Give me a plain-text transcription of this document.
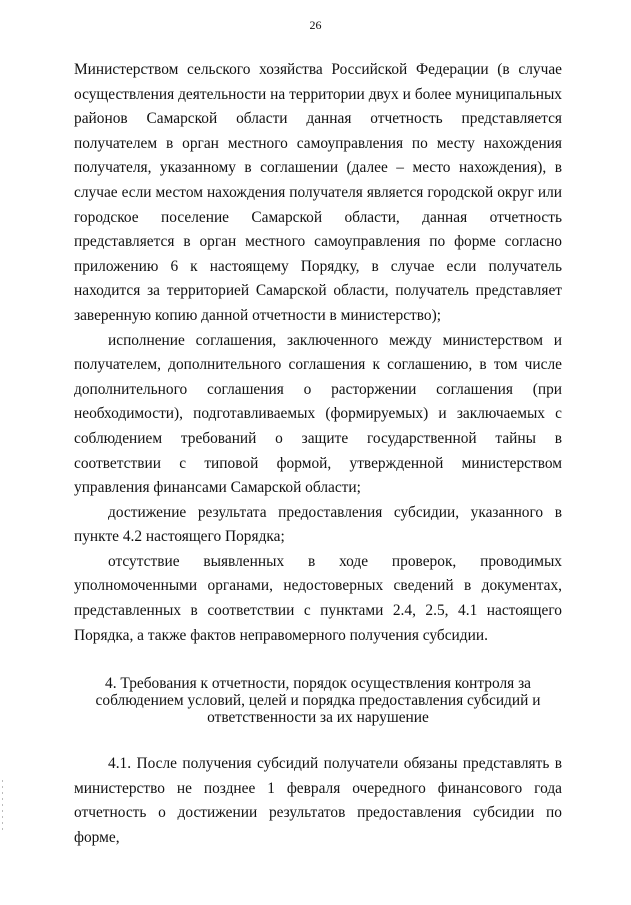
26

Министерством сельского хозяйства Российской Федерации (в случае осуществления деятельности на территории двух и более муниципальных районов Самарской области данная отчетность представляется получателем в орган местного самоуправления по месту нахождения получателя, указанному в соглашении (далее – место нахождения), в случае если местом нахождения получателя является городской округ или городское поселение Самарской области, данная отчетность представляется в орган местного самоуправления по форме согласно приложению 6 к настоящему Порядку, в случае если получатель находится за территорией Самарской области, получатель представляет заверенную копию данной отчетности в министерство);

исполнение соглашения, заключенного между министерством и получателем, дополнительного соглашения к соглашению, в том числе дополнительного соглашения о расторжении соглашения (при необходимости), подготавливаемых (формируемых) и заключаемых с соблюдением требований о защите государственной тайны в соответствии с типовой формой, утвержденной министерством управления финансами Самарской области;

достижение результата предоставления субсидии, указанного в пункте 4.2 настоящего Порядка;

отсутствие выявленных в ходе проверок, проводимых уполномоченными органами, недостоверных сведений в документах, представленных в соответствии с пунктами 2.4, 2.5, 4.1 настоящего Порядка, а также фактов неправомерного получения субсидии.

4. Требования к отчетности, порядок осуществления контроля за
соблюдением условий, целей и порядка предоставления субсидий и
ответственности за их нарушение

4.1. После получения субсидий получатели обязаны представлять в министерство не позднее 1 февраля очередного финансового года отчетность о достижении результатов предоставления субсидии по форме,
